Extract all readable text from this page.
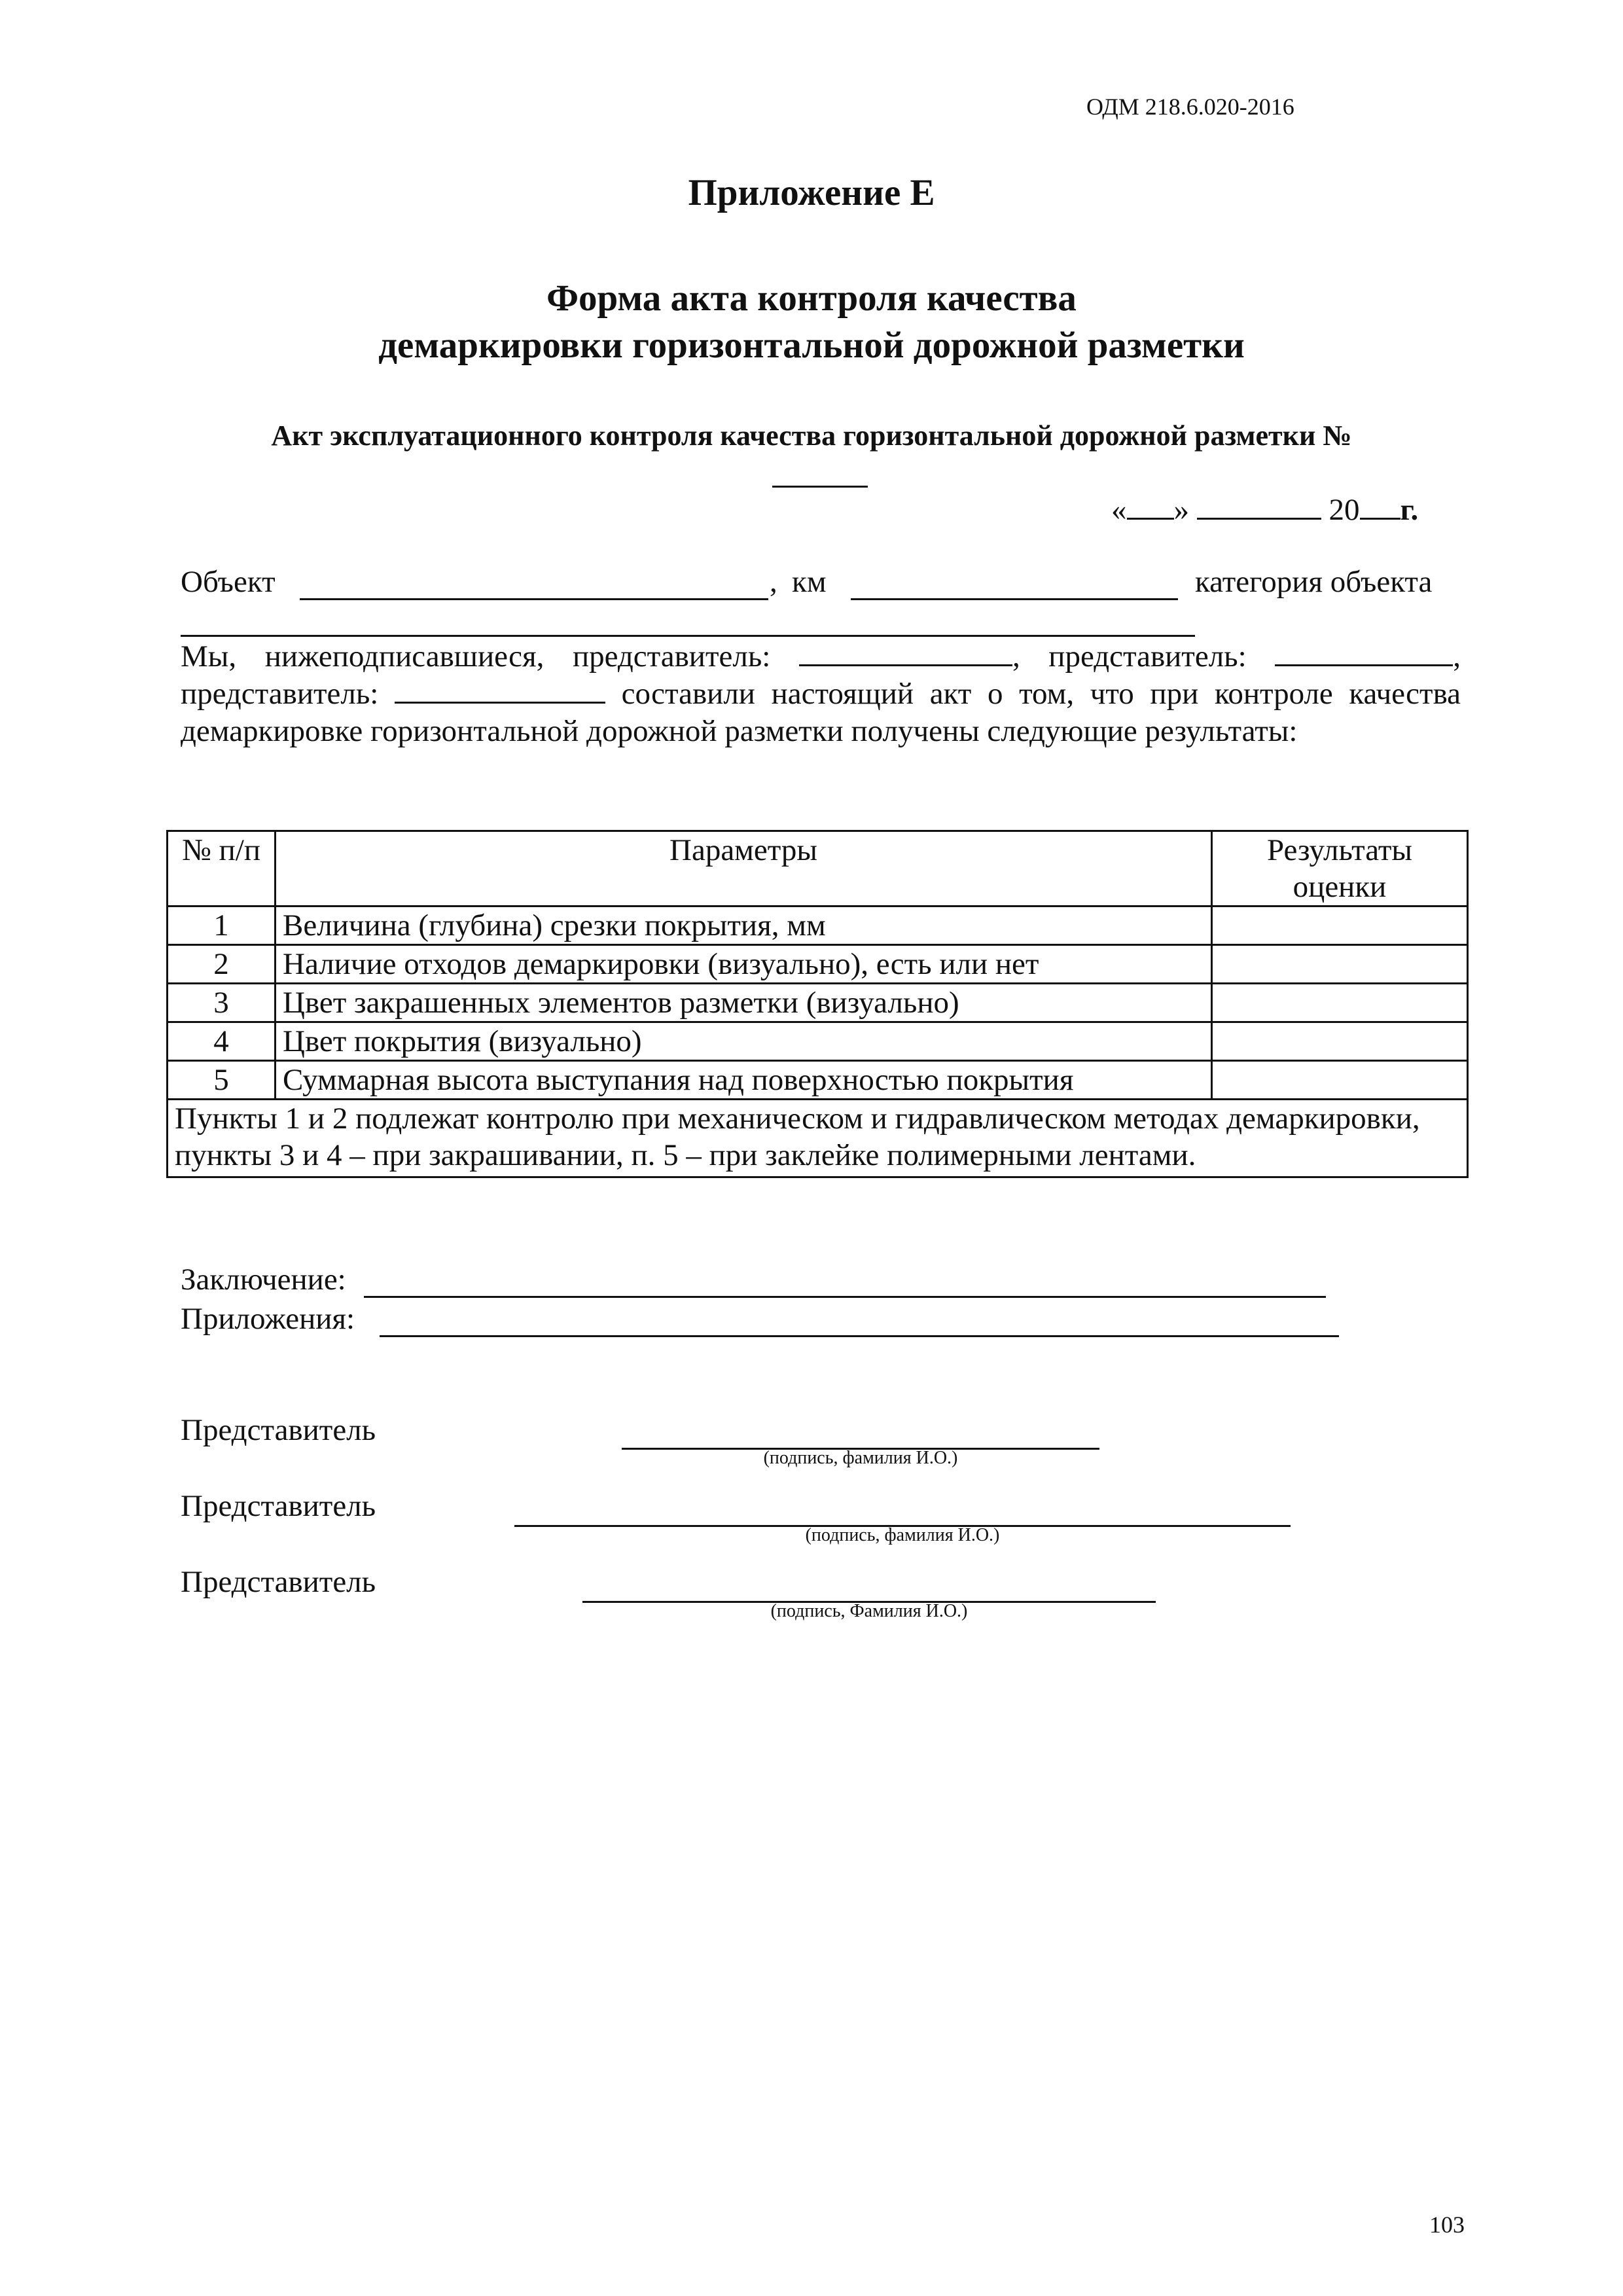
ОДМ 218.6.020-2016
Приложение Е
Форма акта контроля качества
демаркировки горизонтальной дорожной разметки
Акт эксплуатационного контроля качества горизонтальной дорожной разметки №
« »	20 г.
Объект	, км	категория объекта
Мы, нижеподписавшиеся, представитель:	, представитель:	, представитель:	составили настоящий акт о том, что при контроле качества демаркировке горизонтальной дорожной разметки получены следующие результаты:
№ п/п	Параметры	Результаты оценки
1	Величина (глубина) срезки покрытия, мм	
2	Наличие отходов демаркировки (визуально), есть или нет	
3	Цвет закрашенных элементов разметки (визуально)	
4	Цвет покрытия (визуально)	
5	Суммарная высота выступания над поверхностью покрытия	
Пункты 1 и 2 подлежат контролю при механическом и гидравлическом методах демаркировки, пункты 3 и 4 – при закрашивании, п. 5 – при заклейке полимерными лентами.		
Заключение:
Приложения:
Представитель
(подпись, фамилия И.О.)
Представитель
(подпись, фамилия И.О.)
Представитель
(подпись, Фамилия И.О.)
103
